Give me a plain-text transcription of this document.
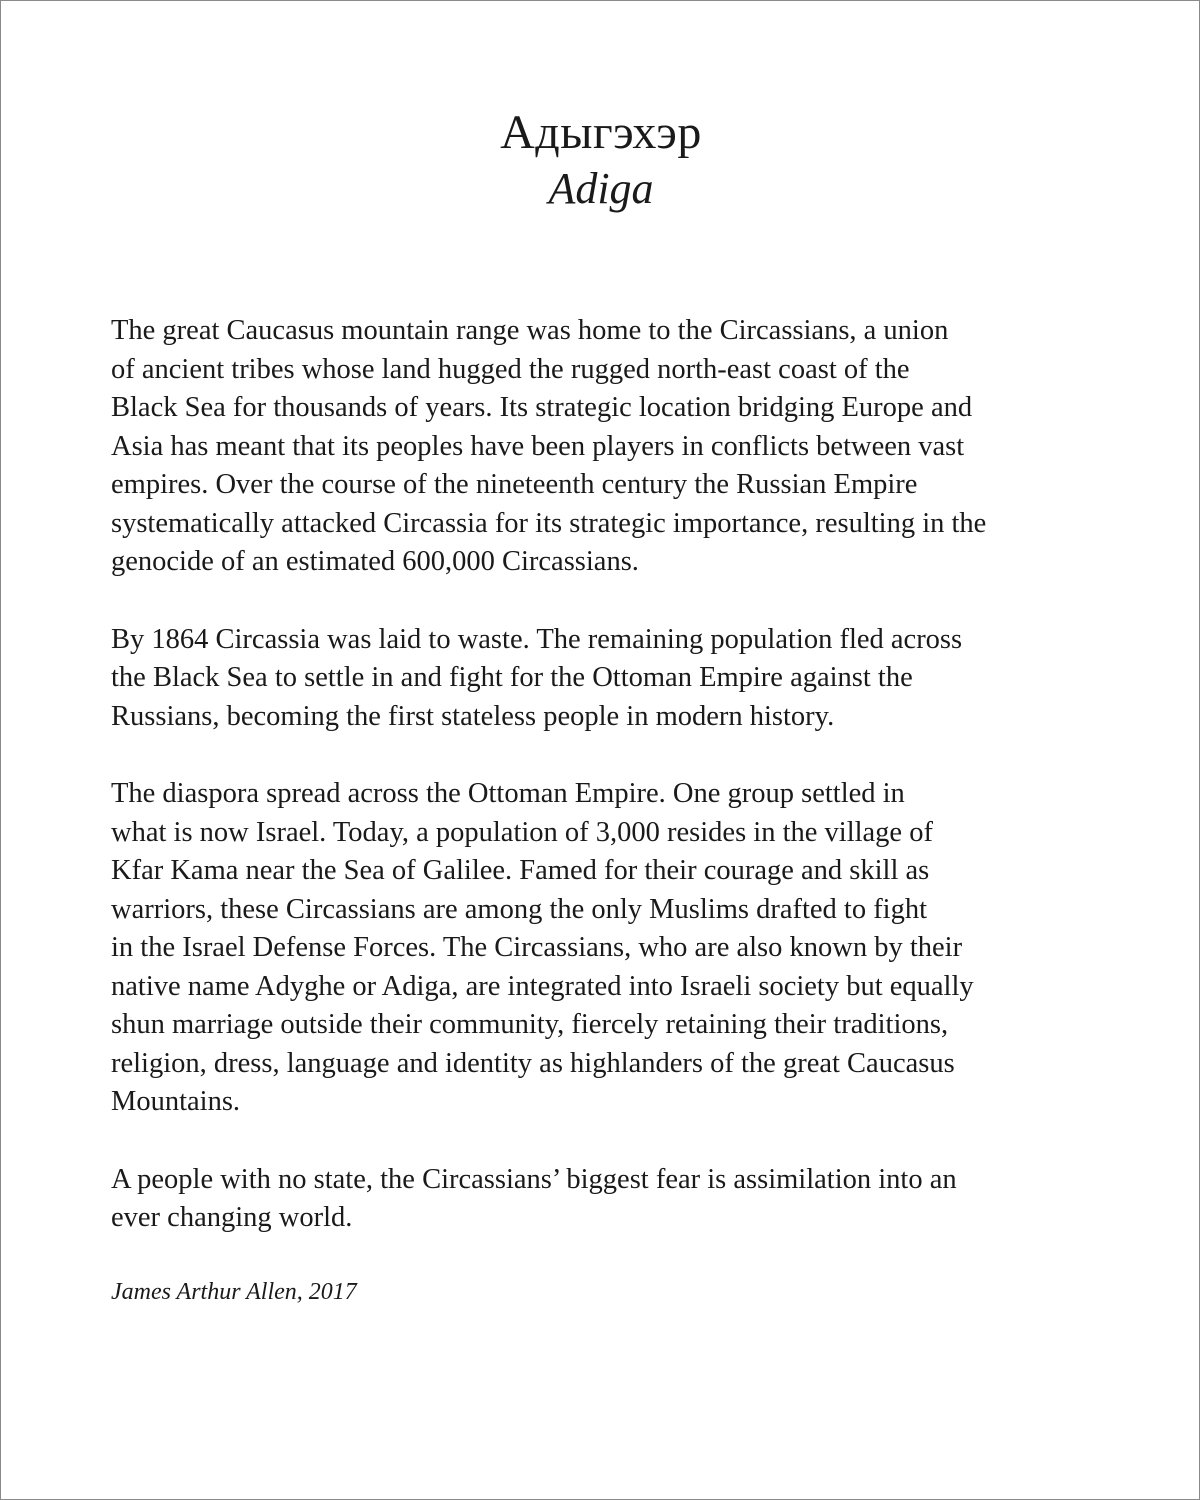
Адыгэхэр
Adiga

The great Caucasus mountain range was home to the Circassians, a union
of ancient tribes whose land hugged the rugged north-east coast of the
Black Sea for thousands of years. Its strategic location bridging Europe and
Asia has meant that its peoples have been players in conflicts between vast
empires. Over the course of the nineteenth century the Russian Empire
systematically attacked Circassia for its strategic importance, resulting in the
genocide of an estimated 600,000 Circassians.

By 1864 Circassia was laid to waste. The remaining population fled across
the Black Sea to settle in and fight for the Ottoman Empire against the
Russians, becoming the first stateless people in modern history.

The diaspora spread across the Ottoman Empire. One group settled in
what is now Israel. Today, a population of 3,000 resides in the village of
Kfar Kama near the Sea of Galilee. Famed for their courage and skill as
warriors, these Circassians are among the only Muslims drafted to fight
in the Israel Defense Forces. The Circassians, who are also known by their
native name Adyghe or Adiga, are integrated into Israeli society but equally
shun marriage outside their community, fiercely retaining their traditions,
religion, dress, language and identity as highlanders of the great Caucasus
Mountains.

A people with no state, the Circassians’ biggest fear is assimilation into an
ever changing world.

James Arthur Allen, 2017
